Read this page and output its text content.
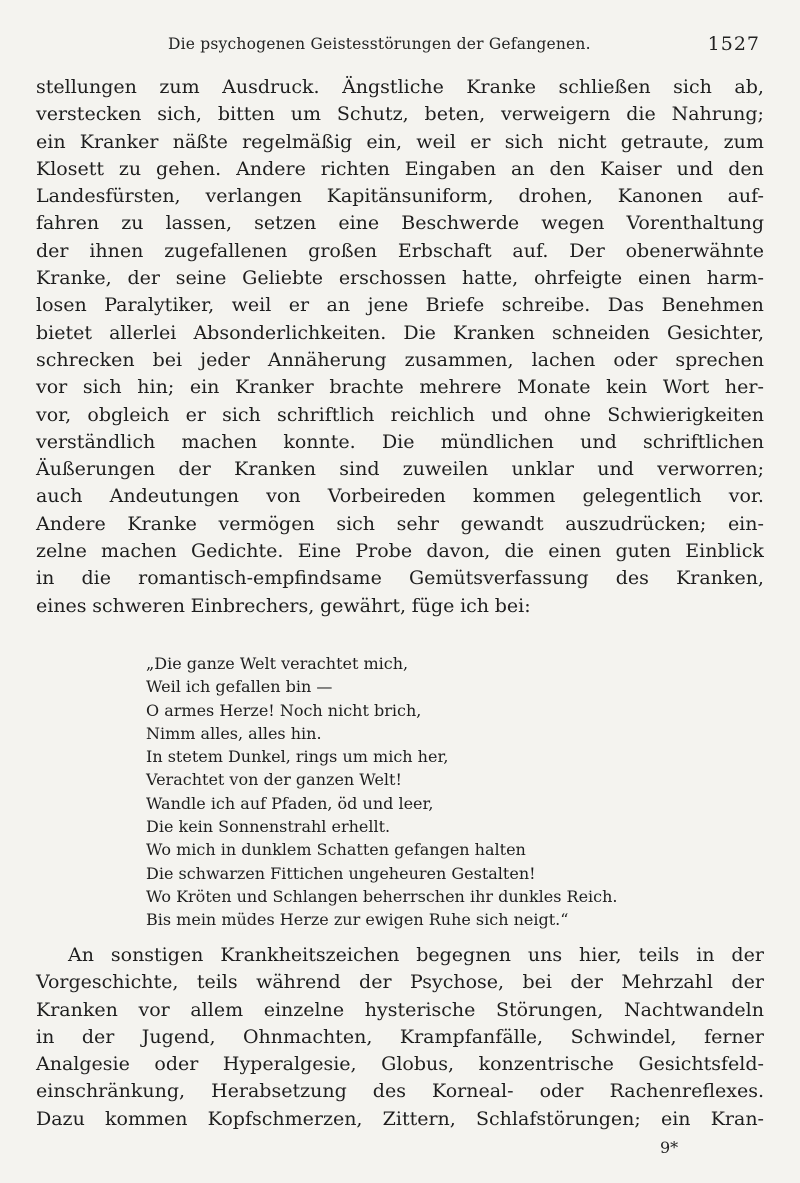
Die psychogenen Geistesstörungen der Gefangenen.	1527
stellungen zum Ausdruck. Ängstliche Kranke schließen sich ab,
verstecken sich, bitten um Schutz, beten, verweigern die Nahrung;
ein Kranker näßte regelmäßig ein, weil er sich nicht getraute, zum
Klosett zu gehen. Andere richten Eingaben an den Kaiser und den
Landesfürsten, verlangen Kapitänsuniform, drohen, Kanonen auf-
fahren zu lassen, setzen eine Beschwerde wegen Vorenthaltung
der ihnen zugefallenen großen Erbschaft auf. Der obenerwähnte
Kranke, der seine Geliebte erschossen hatte, ohrfeigte einen harm-
losen Paralytiker, weil er an jene Briefe schreibe. Das Benehmen
bietet allerlei Absonderlichkeiten. Die Kranken schneiden Gesichter,
schrecken bei jeder Annäherung zusammen, lachen oder sprechen
vor sich hin; ein Kranker brachte mehrere Monate kein Wort her-
vor, obgleich er sich schriftlich reichlich und ohne Schwierigkeiten
verständlich machen konnte. Die mündlichen und schriftlichen
Äußerungen der Kranken sind zuweilen unklar und verworren;
auch Andeutungen von Vorbeireden kommen gelegentlich vor.
Andere Kranke vermögen sich sehr gewandt auszudrücken; ein-
zelne machen Gedichte. Eine Probe davon, die einen guten Einblick
in die romantisch-empfindsame Gemütsverfassung des Kranken,
eines schweren Einbrechers, gewährt, füge ich bei:
„Die ganze Welt verachtet mich,
Weil ich gefallen bin —
O armes Herze! Noch nicht brich,
Nimm alles, alles hin.
In stetem Dunkel, rings um mich her,
Verachtet von der ganzen Welt!
Wandle ich auf Pfaden, öd und leer,
Die kein Sonnenstrahl erhellt.
Wo mich in dunklem Schatten gefangen halten
Die schwarzen Fittichen ungeheuren Gestalten!
Wo Kröten und Schlangen beherrschen ihr dunkles Reich.
Bis mein müdes Herze zur ewigen Ruhe sich neigt.“
An sonstigen Krankheitszeichen begegnen uns hier, teils in der
Vorgeschichte, teils während der Psychose, bei der Mehrzahl der
Kranken vor allem einzelne hysterische Störungen, Nachtwandeln
in der Jugend, Ohnmachten, Krampfanfälle, Schwindel, ferner
Analgesie oder Hyperalgesie, Globus, konzentrische Gesichtsfeld-
einschränkung, Herabsetzung des Korneal- oder Rachenreflexes.
Dazu kommen Kopfschmerzen, Zittern, Schlafstörungen; ein Kran-
9*
